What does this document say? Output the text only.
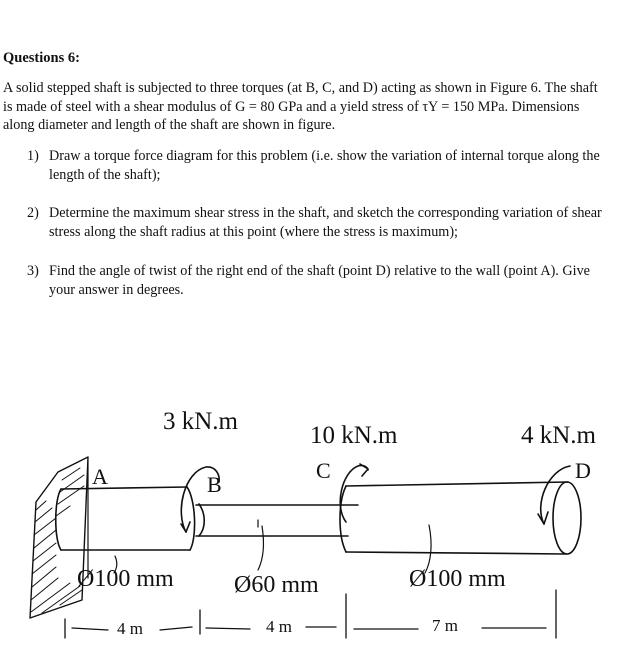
Questions 6:
A solid stepped shaft is subjected to three torques (at B, C, and D) acting as shown in Figure 6. The shaft is made of steel with a shear modulus of G = 80 GPa and a yield stress of τY = 150 MPa. Dimensions along diameter and length of the shaft are shown in figure.
1) Draw a torque force diagram for this problem (i.e. show the variation of internal torque along the length of the shaft);
2) Determine the maximum shear stress in the shaft, and sketch the corresponding variation of shear stress along the shaft radius at this point (where the stress is maximum);
3) Find the angle of twist of the right end of the shaft (point D) relative to the wall (point A). Give your answer in degrees.
3 kN.m
10 kN.m	4 kN.m
A	B
C	D
Ø100 mm	Ø60 mm	Ø100 mm
4 m	4 m	7 m
